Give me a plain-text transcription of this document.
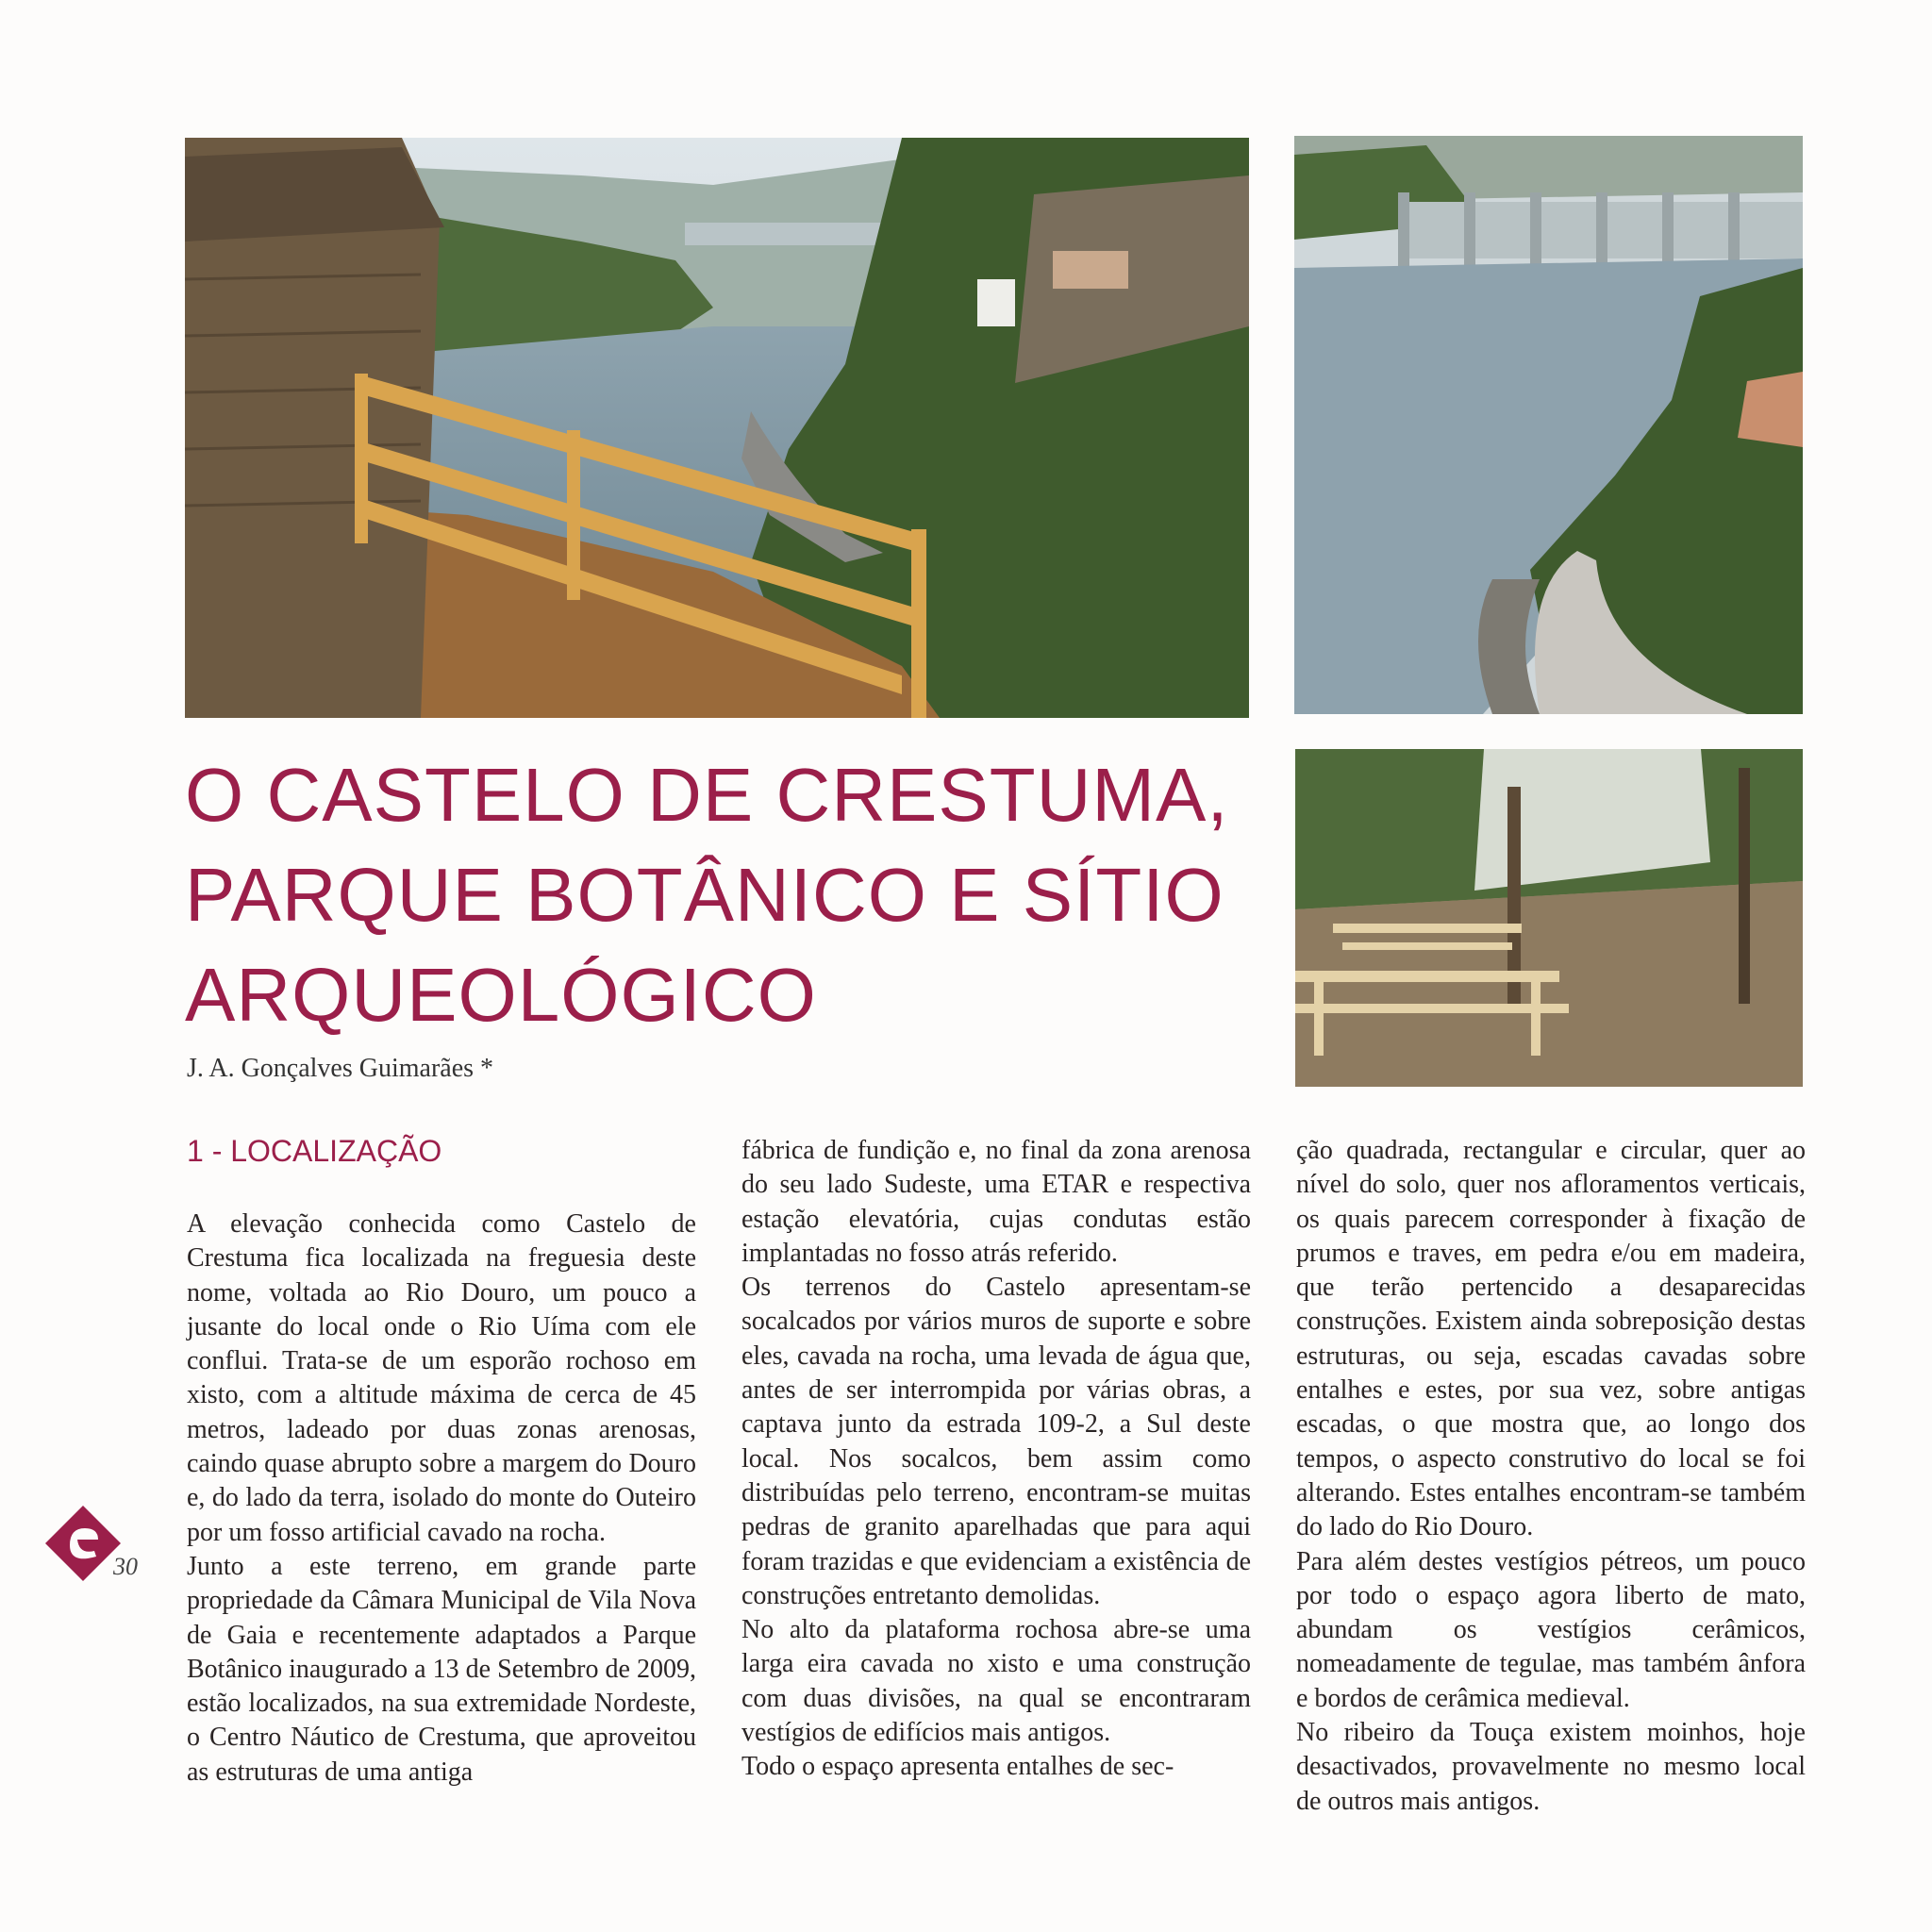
O CASTELO DE CRESTUMA,
PARQUE BOTÂNICO E SÍTIO
ARQUEOLÓGICO
J. A. Gonçalves Guimarães *

1 - LOCALIZAÇÃO

A elevação conhecida como Castelo de Crestuma fica localizada na freguesia deste nome, voltada ao Rio Douro, um pouco a jusante do local onde o Rio Uíma com ele conflui. Trata-se de um esporão rochoso em xisto, com a altitude máxima de cerca de 45 metros, ladeado por duas zonas arenosas, caindo quase abrupto sobre a margem do Douro e, do lado da terra, isolado do monte do Outeiro por um fosso artificial cavado na rocha.

Junto a este terreno, em grande parte propriedade da Câmara Municipal de Vila Nova de Gaia e recentemente adaptados a Parque Botânico inaugurado a 13 de Setembro de 2009, estão localizados, na sua extremidade Nordeste, o Centro Náutico de Crestuma, que aproveitou as estruturas de uma antiga

fábrica de fundição e, no final da zona arenosa do seu lado Sudeste, uma ETAR e respectiva estação elevatória, cujas condutas estão implantadas no fosso atrás referido.

Os terrenos do Castelo apresentam-se socalcados por vários muros de suporte e sobre eles, cavada na rocha, uma levada de água que, antes de ser interrompida por várias obras, a captava junto da estrada 109-2, a Sul deste local. Nos socalcos, bem assim como distribuídas pelo terreno, encontram-se muitas pedras de granito aparelhadas que para aqui foram trazidas e que evidenciam a existência de construções entretanto demolidas.

No alto da plataforma rochosa abre-se uma larga eira cavada no xisto e uma construção com duas divisões, na qual se encontraram vestígios de edifícios mais antigos.

Todo o espaço apresenta entalhes de sec-

ção quadrada, rectangular e circular, quer ao nível do solo, quer nos afloramentos verticais, os quais parecem corresponder à fixação de prumos e traves, em pedra e/ou em madeira, que terão pertencido a desaparecidas construções. Existem ainda sobreposição destas estruturas, ou seja, escadas cavadas sobre entalhes e estes, por sua vez, sobre antigas escadas, o que mostra que, ao longo dos tempos, o aspecto construtivo do local se foi alterando. Estes entalhes encontram-se também do lado do Rio Douro.

Para além destes vestígios pétreos, um pouco por todo o espaço agora liberto de mato, abundam os vestígios cerâmicos, nomeadamente de tegulae, mas também ânfora e bordos de cerâmica medieval.

No ribeiro da Touça existem moinhos, hoje desactivados, provavelmente no mesmo local de outros mais antigos.

30
